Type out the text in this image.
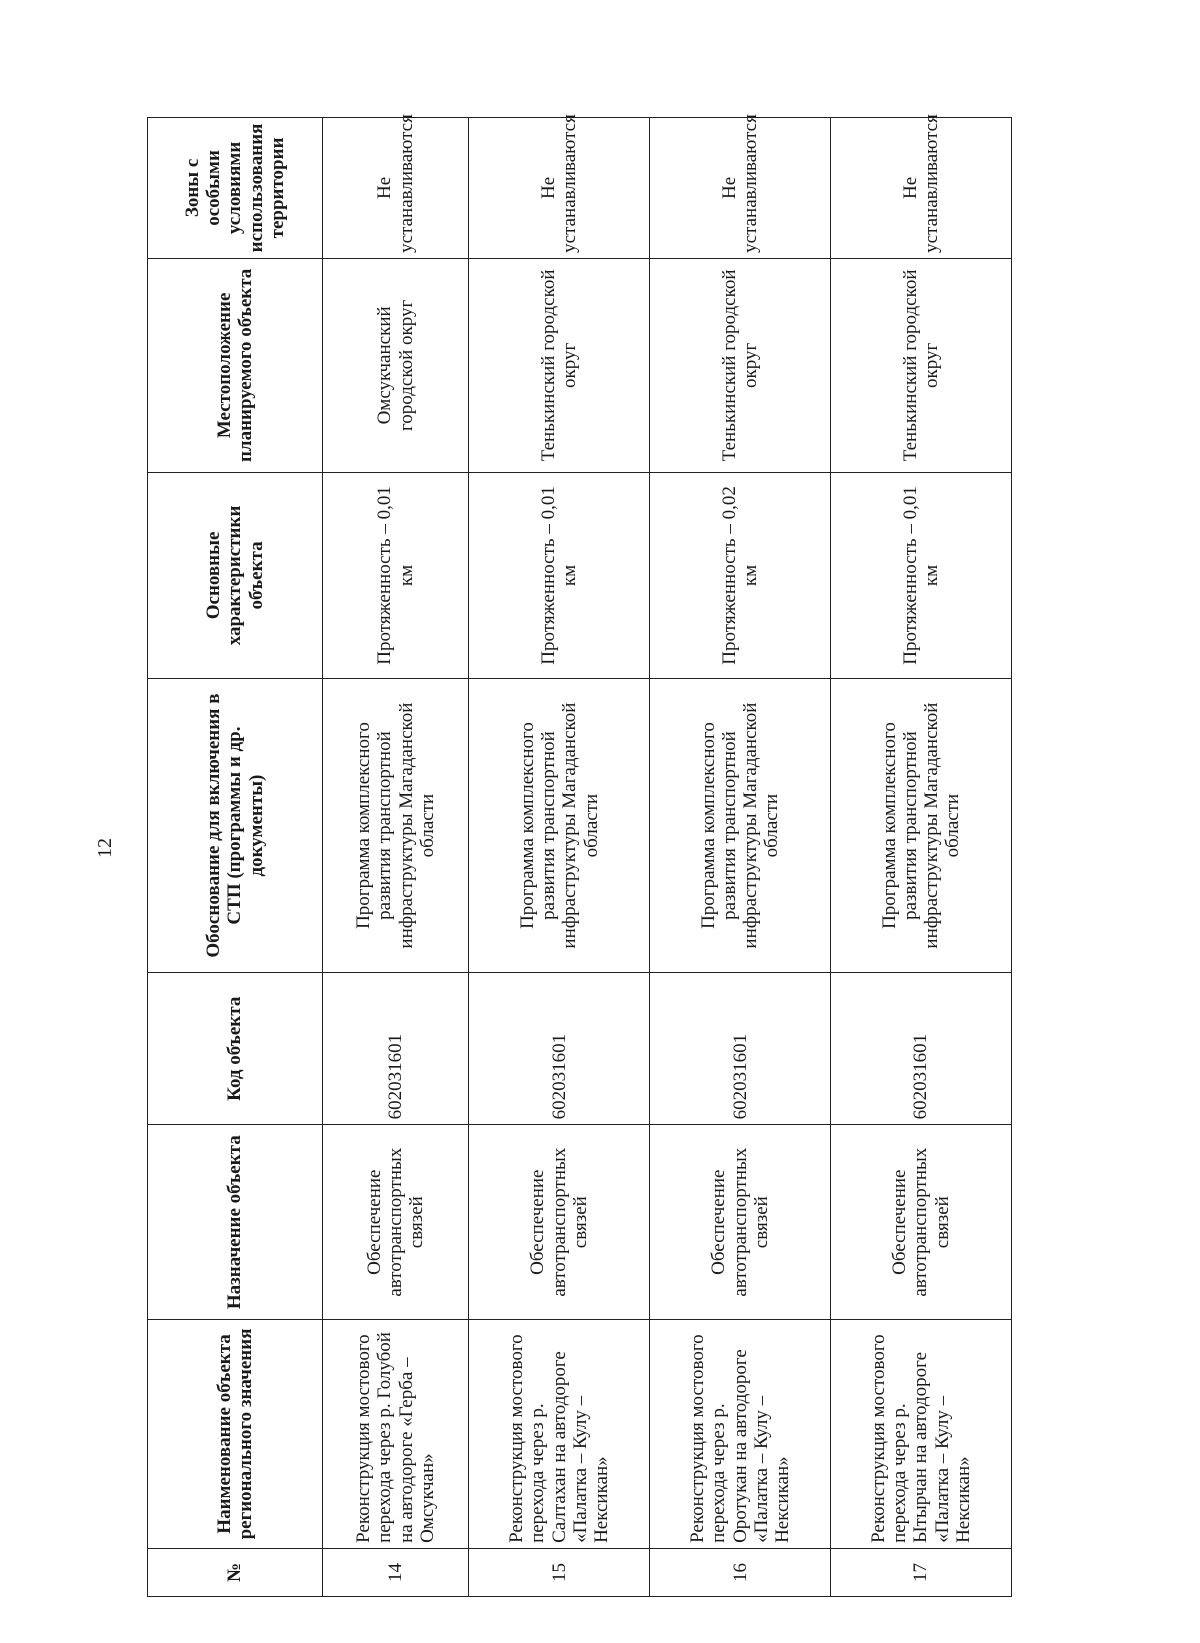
12
№	Наименование объекта регионального значения	Назначение объекта	Код объекта	Обоснование для включения в СТП (программы и др. документы)	Основные характеристики объекта	Местоположение планируемого объекта	Зоны с особыми условиями использования территории
14	Реконструкция мостового перехода через р. Голубой на автодороге «Герба – Омсукчан»	Обеспечение автотранспортных связей	602031601	Программа комплексного развития транспортной инфраструктуры Магаданской области	Протяженность – 0,01 км	Омсукчанский городской округ	Не устанавливаются
15	Реконструкция мостового перехода через р. Салтахан на автодороге «Палатка – Кулу – Нексикан»	Обеспечение автотранспортных связей	602031601	Программа комплексного развития транспортной инфраструктуры Магаданской области	Протяженность – 0,01 км	Тенькинский городской округ	Не устанавливаются
16	Реконструкция мостового перехода через р. Оротукан на автодороге «Палатка – Кулу – Нексикан»	Обеспечение автотранспортных связей	602031601	Программа комплексного развития транспортной инфраструктуры Магаданской области	Протяженность – 0,02 км	Тенькинский городской округ	Не устанавливаются
17	Реконструкция мостового перехода через р. Ытырчан на автодороге «Палатка – Кулу – Нексикан»	Обеспечение автотранспортных связей	602031601	Программа комплексного развития транспортной инфраструктуры Магаданской области	Протяженность – 0,01 км	Тенькинский городской округ	Не устанавливаются
